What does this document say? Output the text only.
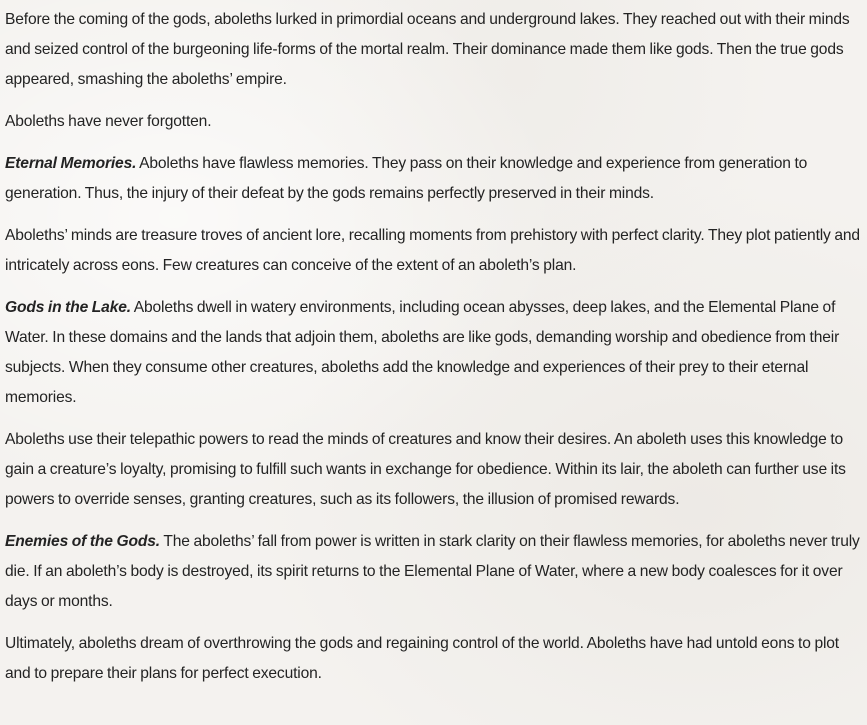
Before the coming of the gods, aboleths lurked in primordial oceans and underground lakes. They reached out with their minds and seized control of the burgeoning life-forms of the mortal realm. Their dominance made them like gods. Then the true gods appeared, smashing the aboleths’ empire.

Aboleths have never forgotten.

Eternal Memories. Aboleths have flawless memories. They pass on their knowledge and experience from generation to generation. Thus, the injury of their defeat by the gods remains perfectly preserved in their minds.

Aboleths’ minds are treasure troves of ancient lore, recalling moments from prehistory with perfect clarity. They plot patiently and intricately across eons. Few creatures can conceive of the extent of an aboleth’s plan.

Gods in the Lake. Aboleths dwell in watery environments, including ocean abysses, deep lakes, and the Elemental Plane of Water. In these domains and the lands that adjoin them, aboleths are like gods, demanding worship and obedience from their subjects. When they consume other creatures, aboleths add the knowledge and experiences of their prey to their eternal memories.

Aboleths use their telepathic powers to read the minds of creatures and know their desires. An aboleth uses this knowledge to gain a creature’s loyalty, promising to fulfill such wants in exchange for obedience. Within its lair, the aboleth can further use its powers to override senses, granting creatures, such as its followers, the illusion of promised rewards.

Enemies of the Gods. The aboleths’ fall from power is written in stark clarity on their flawless memories, for aboleths never truly die. If an aboleth’s body is destroyed, its spirit returns to the Elemental Plane of Water, where a new body coalesces for it over days or months.

Ultimately, aboleths dream of overthrowing the gods and regaining control of the world. Aboleths have had untold eons to plot and to prepare their plans for perfect execution.
